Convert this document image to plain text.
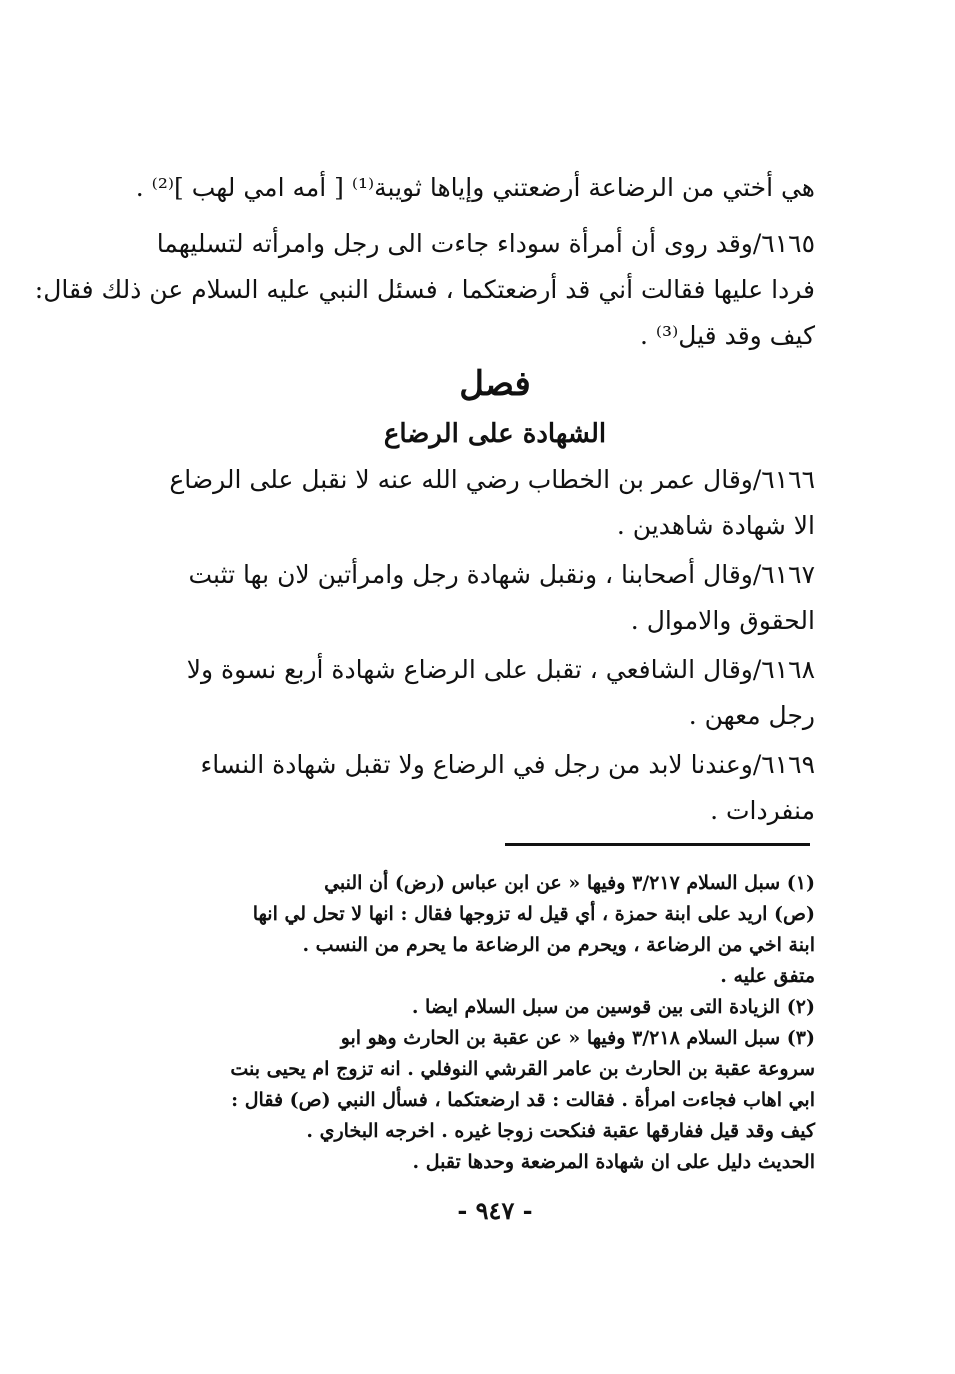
هي أختي من الرضاعة أرضعتني وإياها ثويبة⁽¹⁾ [ أمه امي لهب ]⁽²⁾ .
٦١٦٥/وقد روى أن أمرأة سوداء جاءت الى رجل وامرأته لتسليهما
فردا عليها فقالت أني قد أرضعتكما ، فسئل النبي عليه السلام عن ذلك فقال:
كيف وقد قيل⁽³⁾ .
فصل
الشهادة على الرضاع
٦١٦٦/وقال عمر بن الخطاب رضي الله عنه لا نقبل على الرضاع
الا شهادة شاهدين .
٦١٦٧/وقال أصحابنا ، ونقبل شهادة رجل وامرأتين لان بها تثبت
الحقوق والاموال .
٦١٦٨/وقال الشافعي ، تقبل على الرضاع شهادة أربع نسوة ولا
رجل معهن .
٦١٦٩/وعندنا لابد من رجل في الرضاع ولا تقبل شهادة النساء
منفردات .
(١) سبل السلام ٣/٢١٧ وفيها « عن ابن عباس (رض) أن النبي
(ص) اريد على ابنة حمزة ، أي قيل له تزوجها فقال : انها لا تحل لي انها
ابنة اخي من الرضاعة ، ويحرم من الرضاعة ما يحرم من النسب .
متفق عليه .
(٢) الزيادة التى بين قوسين من سبل السلام ايضا .
(٣) سبل السلام ٣/٢١٨ وفيها « عن عقبة بن الحارث وهو ابو
سروعة عقبة بن الحارث بن عامر القرشي النوفلي . انه تزوج ام يحيى بنت
ابي اهاب فجاءت امرأة . فقالت : قد ارضعتكما ، فسأل النبي (ص) فقال :
كيف وقد قيل ففارقها عقبة فنكحت زوجا غيره . اخرجه البخاري .
الحديث دليل على ان شهادة المرضعة وحدها تقبل .
- ٩٤٧ -
